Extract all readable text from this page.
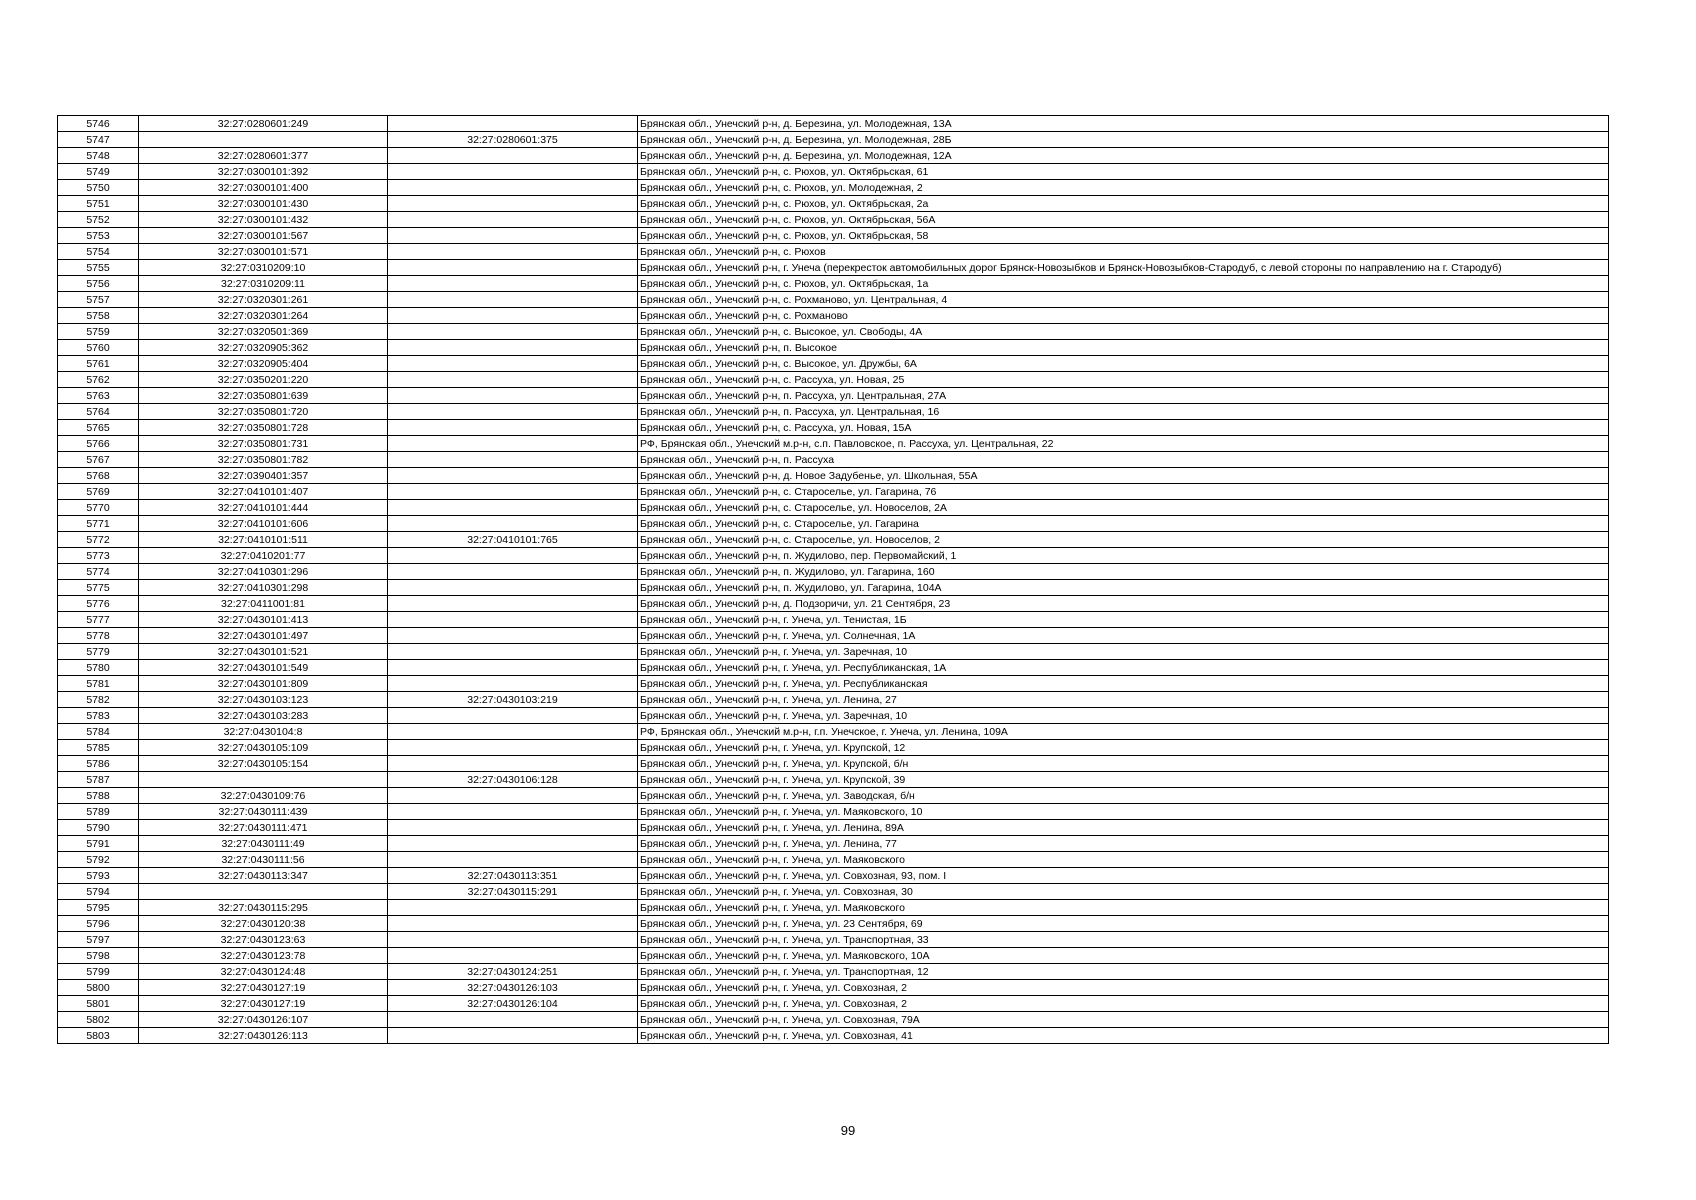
5746	32:27:0280601:249		Брянская обл., Унечский р-н, д. Березина, ул. Молодежная, 13А
5747		32:27:0280601:375	Брянская обл., Унечский р-н, д. Березина, ул. Молодежная, 28Б
5748	32:27:0280601:377		Брянская обл., Унечский р-н, д. Березина, ул. Молодежная, 12А
5749	32:27:0300101:392		Брянская обл., Унечский р-н, с. Рюхов, ул. Октябрьская, 61
5750	32:27:0300101:400		Брянская обл., Унечский р-н, с. Рюхов, ул. Молодежная, 2
5751	32:27:0300101:430		Брянская обл., Унечский р-н, с. Рюхов, ул. Октябрьская, 2а
5752	32:27:0300101:432		Брянская обл., Унечский р-н, с. Рюхов, ул. Октябрьская, 56А
5753	32:27:0300101:567		Брянская обл., Унечский р-н, с. Рюхов, ул. Октябрьская, 58
5754	32:27:0300101:571		Брянская обл., Унечский р-н, с. Рюхов
5755	32:27:0310209:10		Брянская обл., Унечский р-н, г. Унеча (перекресток автомобильных дорог Брянск-Новозыбков и Брянск-Новозыбков-Стародуб, с левой стороны по направлению на г. Стародуб)
5756	32:27:0310209:11		Брянская обл., Унечский р-н, с. Рюхов, ул. Октябрьская, 1а
5757	32:27:0320301:261		Брянская обл., Унечский р-н, с. Рохманово, ул. Центральная, 4
5758	32:27:0320301:264		Брянская обл., Унечский р-н, с. Рохманово
5759	32:27:0320501:369		Брянская обл., Унечский р-н, с. Высокое, ул. Свободы, 4А
5760	32:27:0320905:362		Брянская обл., Унечский р-н, п. Высокое
5761	32:27:0320905:404		Брянская обл., Унечский р-н, с. Высокое, ул. Дружбы, 6А
5762	32:27:0350201:220		Брянская обл., Унечский р-н, с. Рассуха, ул. Новая, 25
5763	32:27:0350801:639		Брянская обл., Унечский р-н, п. Рассуха, ул. Центральная, 27А
5764	32:27:0350801:720		Брянская обл., Унечский р-н, п. Рассуха, ул. Центральная, 16
5765	32:27:0350801:728		Брянская обл., Унечский р-н, с. Рассуха, ул. Новая, 15А
5766	32:27:0350801:731		РФ, Брянская обл., Унечский м.р-н, с.п. Павловское, п. Рассуха, ул. Центральная, 22
5767	32:27:0350801:782		Брянская обл., Унечский р-н, п. Рассуха
5768	32:27:0390401:357		Брянская обл., Унечский р-н, д. Новое Задубенье, ул. Школьная, 55А
5769	32:27:0410101:407		Брянская обл., Унечский р-н, с. Староселье, ул. Гагарина, 76
5770	32:27:0410101:444		Брянская обл., Унечский р-н, с. Староселье, ул. Новоселов, 2А
5771	32:27:0410101:606		Брянская обл., Унечский р-н, с. Староселье, ул. Гагарина
5772	32:27:0410101:511	32:27:0410101:765	Брянская обл., Унечский р-н, с. Староселье, ул. Новоселов, 2
5773	32:27:0410201:77		Брянская обл., Унечский р-н, п. Жудилово, пер. Первомайский, 1
5774	32:27:0410301:296		Брянская обл., Унечский р-н, п. Жудилово, ул. Гагарина, 160
5775	32:27:0410301:298		Брянская обл., Унечский р-н, п. Жудилово, ул. Гагарина, 104А
5776	32:27:0411001:81		Брянская обл., Унечский р-н, д. Подзоричи, ул. 21 Сентября, 23
5777	32:27:0430101:413		Брянская обл., Унечский р-н, г. Унеча, ул. Тенистая, 1Б
5778	32:27:0430101:497		Брянская обл., Унечский р-н, г. Унеча, ул. Солнечная, 1А
5779	32:27:0430101:521		Брянская обл., Унечский р-н, г. Унеча, ул. Заречная, 10
5780	32:27:0430101:549		Брянская обл., Унечский р-н, г. Унеча, ул. Республиканская, 1А
5781	32:27:0430101:809		Брянская обл., Унечский р-н, г. Унеча, ул. Республиканская
5782	32:27:0430103:123	32:27:0430103:219	Брянская обл., Унечский р-н, г. Унеча, ул. Ленина, 27
5783	32:27:0430103:283		Брянская обл., Унечский р-н, г. Унеча, ул. Заречная, 10
5784	32:27:0430104:8		РФ, Брянская обл., Унечский м.р-н, г.п. Унечское, г. Унеча, ул. Ленина, 109А
5785	32:27:0430105:109		Брянская обл., Унечский р-н, г. Унеча, ул. Крупской, 12
5786	32:27:0430105:154		Брянская обл., Унечский р-н, г. Унеча, ул. Крупской, б/н
5787		32:27:0430106:128	Брянская обл., Унечский р-н, г. Унеча, ул. Крупской, 39
5788	32:27:0430109:76		Брянская обл., Унечский р-н, г. Унеча, ул. Заводская, б/н
5789	32:27:0430111:439		Брянская обл., Унечский р-н, г. Унеча, ул. Маяковского, 10
5790	32:27:0430111:471		Брянская обл., Унечский р-н, г. Унеча, ул. Ленина, 89А
5791	32:27:0430111:49		Брянская обл., Унечский р-н, г. Унеча, ул. Ленина, 77
5792	32:27:0430111:56		Брянская обл., Унечский р-н, г. Унеча, ул. Маяковского
5793	32:27:0430113:347	32:27:0430113:351	Брянская обл., Унечский р-н, г. Унеча, ул. Совхозная, 93, пом. I
5794		32:27:0430115:291	Брянская обл., Унечский р-н, г. Унеча, ул. Совхозная, 30
5795	32:27:0430115:295		Брянская обл., Унечский р-н, г. Унеча, ул. Маяковского
5796	32:27:0430120:38		Брянская обл., Унечский р-н, г. Унеча, ул. 23 Сентября, 69
5797	32:27:0430123:63		Брянская обл., Унечский р-н, г. Унеча, ул. Транспортная, 33
5798	32:27:0430123:78		Брянская обл., Унечский р-н, г. Унеча, ул. Маяковского, 10А
5799	32:27:0430124:48	32:27:0430124:251	Брянская обл., Унечский р-н, г. Унеча, ул. Транспортная, 12
5800	32:27:0430127:19	32:27:0430126:103	Брянская обл., Унечский р-н, г. Унеча, ул. Совхозная, 2
5801	32:27:0430127:19	32:27:0430126:104	Брянская обл., Унечский р-н, г. Унеча, ул. Совхозная, 2
5802	32:27:0430126:107		Брянская обл., Унечский р-н, г. Унеча, ул. Совхозная, 79А
5803	32:27:0430126:113		Брянская обл., Унечский р-н, г. Унеча, ул. Совхозная, 41
99
